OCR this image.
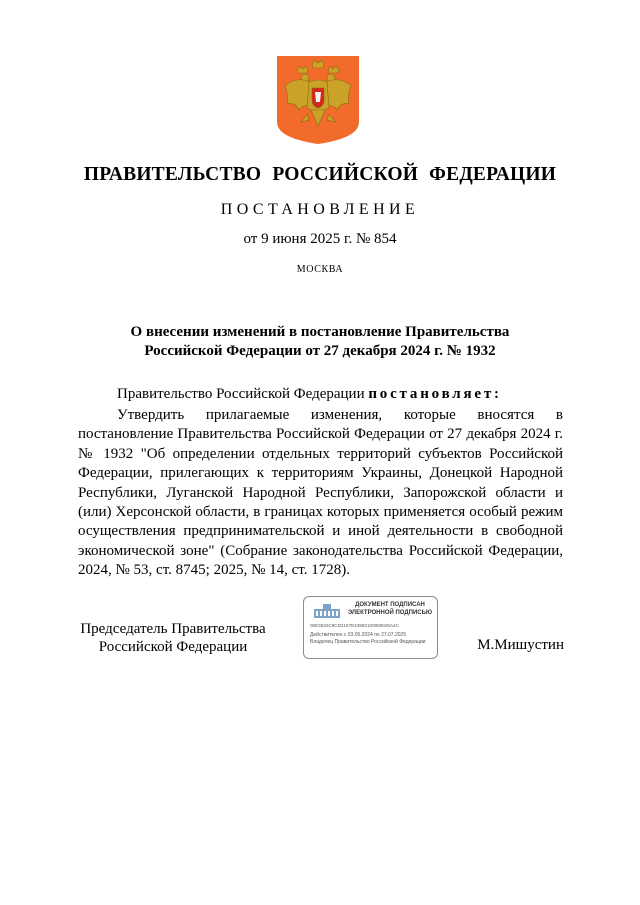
ПРАВИТЕЛЬСТВО РОССИЙСКОЙ ФЕДЕРАЦИИ
ПОСТАНОВЛЕНИЕ
от 9 июня 2025 г. № 854
МОСКВА
О внесении изменений в постановление Правительства
Российской Федерации от 27 декабря 2024 г. № 1932
Правительство Российской Федерации постановляет:
Утвердить прилагаемые изменения, которые вносятся в постановление Правительства Российской Федерации от 27 декабря 2024 г. № 1932 "Об определении отдельных территорий субъектов Российской Федерации, прилегающих к территориям Украины, Донецкой Народной Республики, Луганской Народной Республики, Запорожской области и (или) Херсонской области, в границах которых применяется особый режим осуществления предпринимательской и иной деятельности в свободной экономической зоне" (Собрание законодательства Российской Федерации, 2024, № 53, ст. 8745; 2025, № 14, ст. 1728).
Председатель Правительства
Российской Федерации
ДОКУМЕНТ ПОДПИСАН
ЭЛЕКТРОННОЙ ПОДПИСЬЮ
00E3632C6CD2197E43992100069028A4C
Действителен с 03.05.2024 по 27.07.2025
Владелец Правительство Российской Федерации	М.Мишустин
